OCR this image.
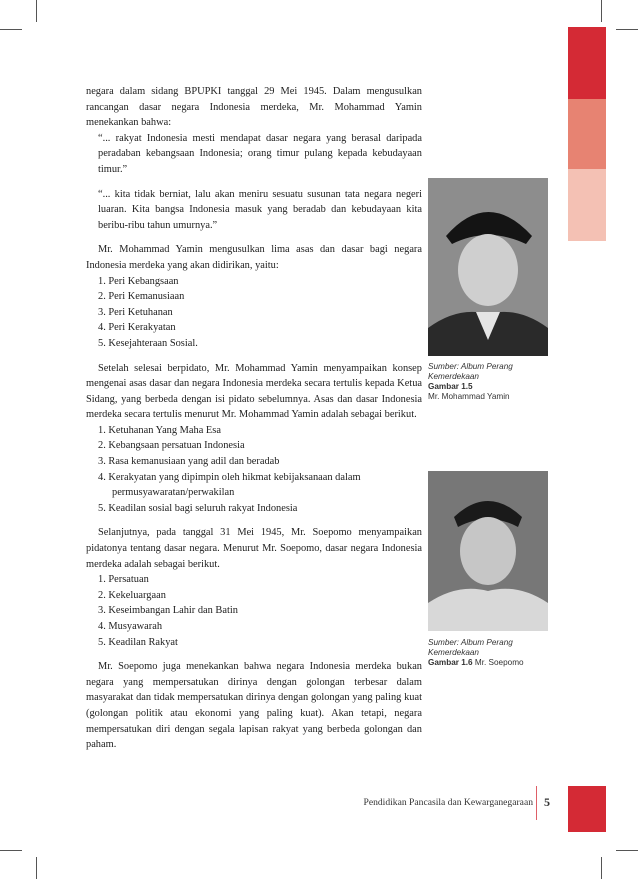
negara dalam sidang BPUPKI tanggal 29 Mei 1945. Dalam mengusulkan rancangan dasar negara Indonesia merdeka, Mr. Mohammad Yamin menekankan bahwa:

“... rakyat Indonesia mesti mendapat dasar negara yang berasal daripada peradaban kebangsaan Indonesia; orang timur pulang kepada kebudayaan timur.”

“... kita tidak berniat, lalu akan meniru sesuatu susunan tata negara negeri luaran. Kita bangsa Indonesia masuk yang beradab dan kebudayaan kita beribu-ribu tahun umurnya.”

Mr. Mohammad Yamin mengusulkan lima asas dan dasar bagi negara Indonesia merdeka yang akan didirikan, yaitu:

1. Peri Kebangsaan
2. Peri Kemanusiaan
3. Peri Ketuhanan
4. Peri Kerakyatan
5. Kesejahteraan Sosial.

Setelah selesai berpidato, Mr. Mohammad Yamin menyampaikan konsep mengenai asas dasar dan negara Indonesia merdeka secara tertulis kepada Ketua Sidang, yang berbeda dengan isi pidato sebelumnya. Asas dan dasar Indonesia merdeka secara tertulis menurut Mr. Mohammad Yamin adalah sebagai berikut.

1. Ketuhanan Yang Maha Esa
2. Kebangsaan persatuan Indonesia
3. Rasa kemanusiaan yang adil dan beradab
4. Kerakyatan yang dipimpin oleh hikmat kebijaksanaan dalam permusyawaratan/perwakilan
5. Keadilan sosial bagi seluruh rakyat Indonesia

Selanjutnya, pada tanggal 31 Mei 1945, Mr. Soepomo menyampaikan pidatonya tentang dasar negara. Menurut Mr. Soepomo, dasar negara Indonesia merdeka adalah sebagai berikut.

1. Persatuan
2. Kekeluargaan
3. Keseimbangan Lahir dan Batin
4. Musyawarah
5. Keadilan Rakyat

Mr. Soepomo juga menekankan bahwa negara Indonesia merdeka bukan negara yang mempersatukan dirinya dengan golongan terbesar dalam masyarakat dan tidak mempersatukan dirinya dengan golongan yang paling kuat (golongan politik atau ekonomi yang paling kuat). Akan tetapi, negara mempersatukan diri dengan segala lapisan rakyat yang berbeda golongan dan paham.

Sumber: Album Perang Kemerdekaan
Gambar 1.5
Mr. Mohammad Yamin
Sumber: Album Perang Kemerdekaan
Gambar 1.6 Mr. Soepomo
Pendidikan Pancasila dan Kewarganegaraan 5
